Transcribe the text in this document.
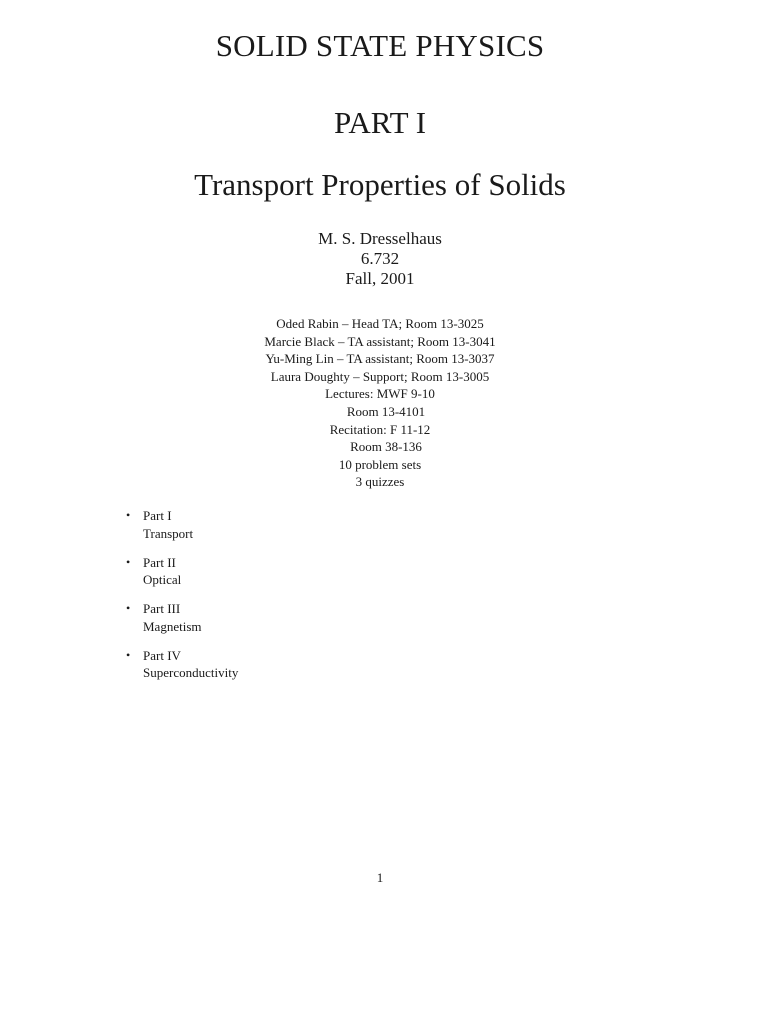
SOLID STATE PHYSICS
PART I
Transport Properties of Solids
M. S. Dresselhaus
6.732
Fall, 2001
Oded Rabin – Head TA; Room 13-3025
Marcie Black – TA assistant; Room 13-3041
Yu-Ming Lin – TA assistant; Room 13-3037
Laura Doughty – Support; Room 13-3005
Lectures: MWF 9-10
Room 13-4101
Recitation: F 11-12
Room 38-136
10 problem sets
3 quizzes
• Part I
Transport
• Part II
Optical
• Part III
Magnetism
• Part IV
Superconductivity
1
